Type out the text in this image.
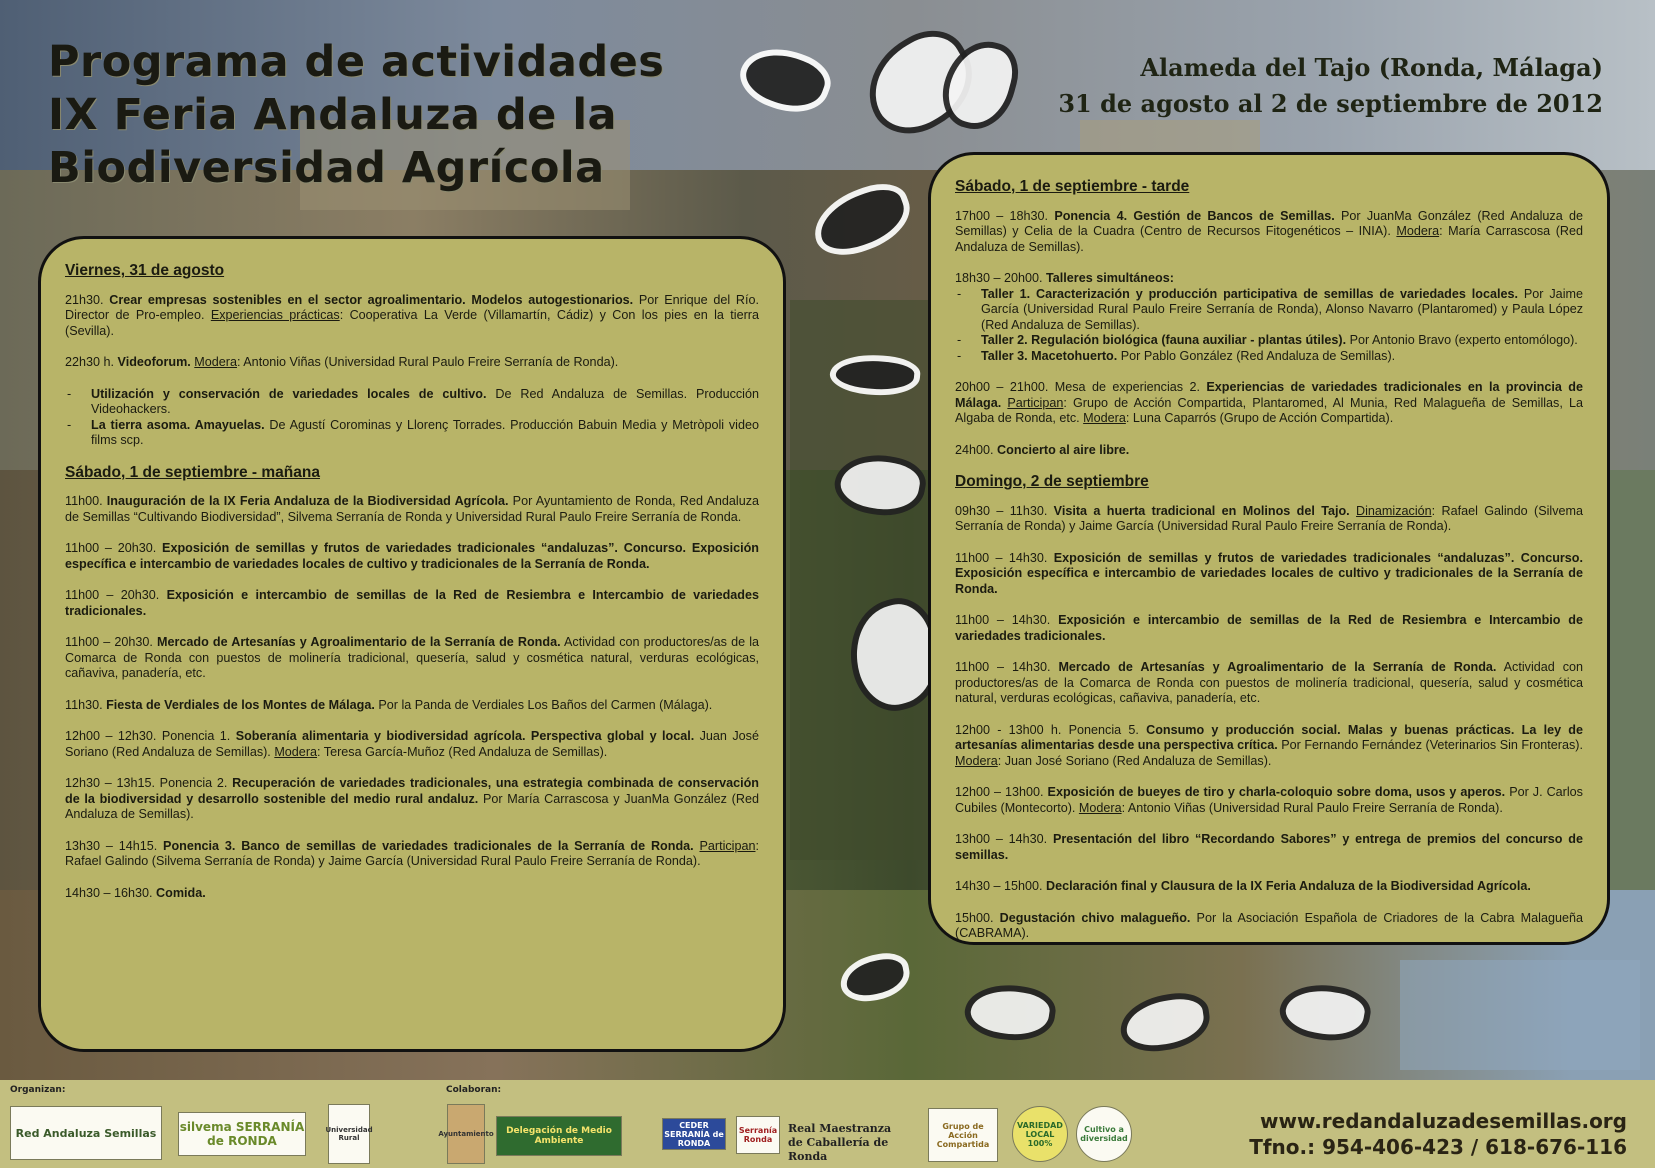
Programa de actividades
IX Feria Andaluza de la
Biodiversidad Agrícola
Alameda del Tajo (Ronda, Málaga)
31 de agosto al 2 de septiembre de 2012
Viernes, 31 de agosto
21h30. Crear empresas sostenibles en el sector agroalimentario. Modelos autogestionarios. Por Enrique del Río. Director de Pro-empleo. Experiencias prácticas: Cooperativa La Verde (Villamartín, Cádiz) y Con los pies en la tierra (Sevilla).
22h30 h. Videoforum. Modera: Antonio Viñas (Universidad Rural Paulo Freire Serranía de Ronda).
- Utilización y conservación de variedades locales de cultivo. De Red Andaluza de Semillas. Producción Videohackers.
- La tierra asoma. Amayuelas. De Agustí Corominas y Llorenç Torrades. Producción Babuin Media y Metròpoli video films scp.
Sábado, 1 de septiembre - mañana
11h00. Inauguración de la IX Feria Andaluza de la Biodiversidad Agrícola. Por Ayuntamiento de Ronda, Red Andaluza de Semillas “Cultivando Biodiversidad”, Silvema Serranía de Ronda y Universidad Rural Paulo Freire Serranía de Ronda.
11h00 – 20h30. Exposición de semillas y frutos de variedades tradicionales “andaluzas”. Concurso. Exposición específica e intercambio de variedades locales de cultivo y tradicionales de la Serranía de Ronda.
11h00 – 20h30. Exposición e intercambio de semillas de la Red de Resiembra e Intercambio de variedades tradicionales.
11h00 – 20h30. Mercado de Artesanías y Agroalimentario de la Serranía de Ronda. Actividad con productores/as de la Comarca de Ronda con puestos de molinería tradicional, quesería, salud y cosmética natural, verduras ecológicas, cañaviva, panadería, etc.
11h30. Fiesta de Verdiales de los Montes de Málaga. Por la Panda de Verdiales Los Baños del Carmen (Málaga).
12h00 – 12h30. Ponencia 1. Soberanía alimentaria y biodiversidad agrícola. Perspectiva global y local. Juan José Soriano (Red Andaluza de Semillas). Modera: Teresa García-Muñoz (Red Andaluza de Semillas).
12h30 – 13h15. Ponencia 2. Recuperación de variedades tradicionales, una estrategia combinada de conservación de la biodiversidad y desarrollo sostenible del medio rural andaluz. Por María Carrascosa y JuanMa González (Red Andaluza de Semillas).
13h30 – 14h15. Ponencia 3. Banco de semillas de variedades tradicionales de la Serranía de Ronda. Participan: Rafael Galindo (Silvema Serranía de Ronda) y Jaime García (Universidad Rural Paulo Freire Serranía de Ronda).
14h30 – 16h30. Comida.
Sábado, 1 de septiembre - tarde
17h00 – 18h30. Ponencia 4. Gestión de Bancos de Semillas. Por JuanMa González (Red Andaluza de Semillas) y Celia de la Cuadra (Centro de Recursos Fitogenéticos – INIA). Modera: María Carrascosa (Red Andaluza de Semillas).
18h30 – 20h00. Talleres simultáneos:
- Taller 1. Caracterización y producción participativa de semillas de variedades locales. Por Jaime García (Universidad Rural Paulo Freire Serranía de Ronda), Alonso Navarro (Plantaromed) y Paula López (Red Andaluza de Semillas).
- Taller 2. Regulación biológica (fauna auxiliar - plantas útiles). Por Antonio Bravo (experto entomólogo).
- Taller 3. Macetohuerto. Por Pablo González (Red Andaluza de Semillas).
20h00 – 21h00. Mesa de experiencias 2. Experiencias de variedades tradicionales en la provincia de Málaga. Participan: Grupo de Acción Compartida, Plantaromed, Al Munia, Red Malagueña de Semillas, La Algaba de Ronda, etc. Modera: Luna Caparrós (Grupo de Acción Compartida).
24h00. Concierto al aire libre.
Domingo, 2 de septiembre
09h30 – 11h30. Visita a huerta tradicional en Molinos del Tajo. Dinamización: Rafael Galindo (Silvema Serranía de Ronda) y Jaime García (Universidad Rural Paulo Freire Serranía de Ronda).
11h00 – 14h30. Exposición de semillas y frutos de variedades tradicionales “andaluzas”. Concurso. Exposición específica e intercambio de variedades locales de cultivo y tradicionales de la Serranía de Ronda.
11h00 – 14h30. Exposición e intercambio de semillas de la Red de Resiembra e Intercambio de variedades tradicionales.
11h00 – 14h30. Mercado de Artesanías y Agroalimentario de la Serranía de Ronda. Actividad con productores/as de la Comarca de Ronda con puestos de molinería tradicional, quesería, salud y cosmética natural, verduras ecológicas, cañaviva, panadería, etc.
12h00 - 13h00 h. Ponencia 5. Consumo y producción social. Malas y buenas prácticas. La ley de artesanías alimentarias desde una perspectiva crítica. Por Fernando Fernández (Veterinarios Sin Fronteras). Modera: Juan José Soriano (Red Andaluza de Semillas).
12h00 – 13h00. Exposición de bueyes de tiro y charla-coloquio sobre doma, usos y aperos. Por J. Carlos Cubiles (Montecorto). Modera: Antonio Viñas (Universidad Rural Paulo Freire Serranía de Ronda).
13h00 – 14h30. Presentación del libro “Recordando Sabores” y entrega de premios del concurso de semillas.
14h30 – 15h00. Declaración final y Clausura de la IX Feria Andaluza de la Biodiversidad Agrícola.
15h00. Degustación chivo malagueño. Por la Asociación Española de Criadores de la Cabra Malagueña (CABRAMA).
Organizan:	Colaboran:
Red Andaluza Semillas	silvema SERRANÍA de RONDA
Universidad Rural	Ayuntamiento	Delegación de Medio Ambiente
CEDER SERRANÍA de RONDA
Serranía Ronda
Real Maestranza de Caballería de Ronda
Grupo de Acción Compartida
VARIEDAD LOCAL 100%
Cultivo a diversidad
www.redandaluzadesemillas.org
Tfno.: 954-406-423 / 618-676-116
